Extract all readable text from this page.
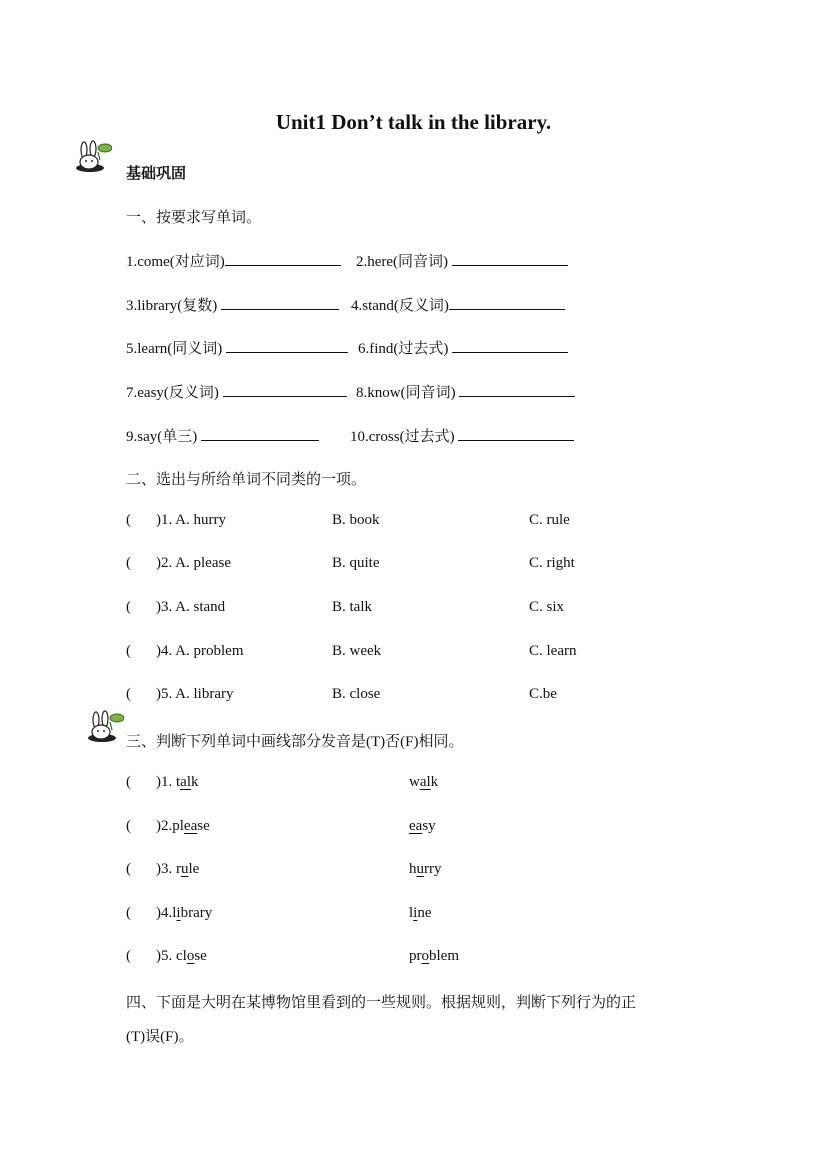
Unit1 Don’t talk in the library.
基础巩固
一、按要求写单词。
1.come(对应词)	2.here(同音词)
3.library(复数)	4.stand(反义词)
5.learn(同义词)	6.find(过去式)
7.easy(反义词)	8.know(同音词)
9.say(单三)	10.cross(过去式)
二、选出与所给单词不同类的一项。
( )1. A. hurry	B. book	C. rule
( )2. A. please	B. quite	C. right
( )3. A. stand	B. talk	C. six
( )4. A. problem	B. week	C. learn
( )5. A. library	B. close	C.be
三、判断下列单词中画线部分发音是(T)否(F)相同。
( )1. talk	walk
( )2.please	easy
( )3. rule	hurry
( )4.library	line
( )5. close	problem
四、下面是大明在某博物馆里看到的一些规则。根据规则，判断下列行为的正
(T)误(F)。
